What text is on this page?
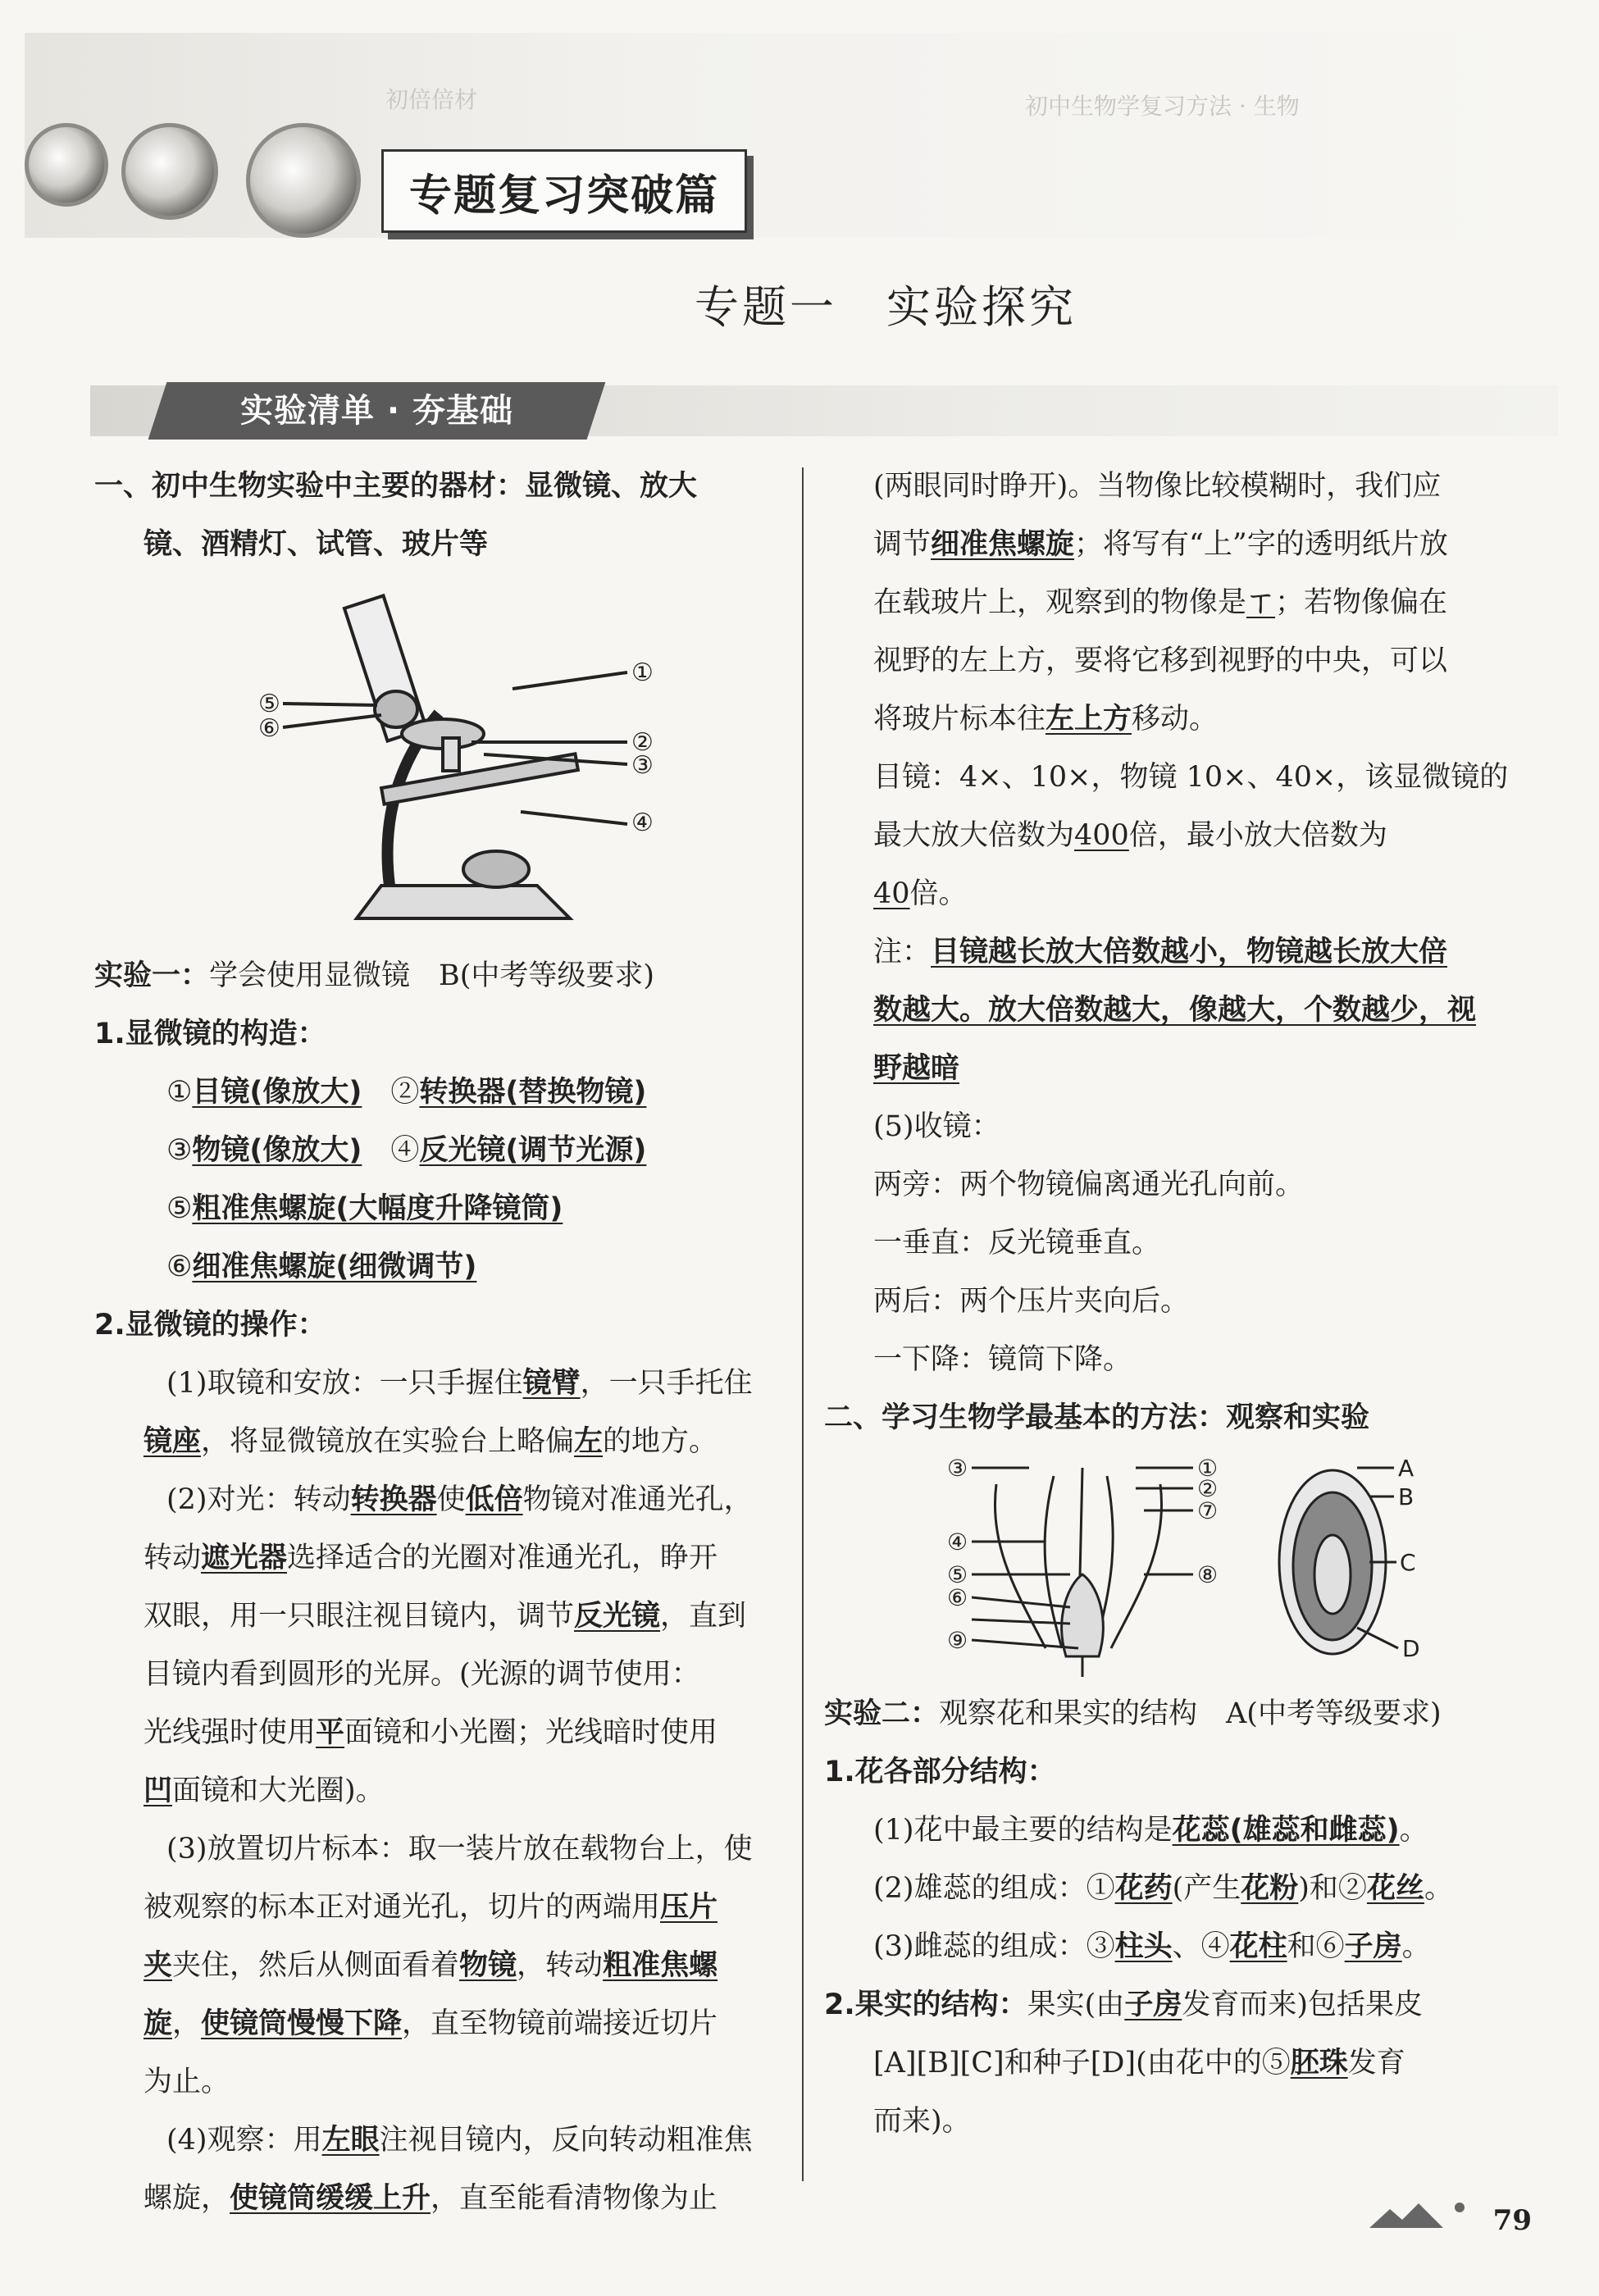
初倍倍材	初中生物学复习方法 · 生物
专题复习突破篇
专题一 实验探究
实验清单 · 夯基础

一、初中生物实验中主要的器材：显微镜、放大

镜、酒精灯、试管、玻片等

①
②
③
④
⑤
⑥

实验一：学会使用显微镜　B(中考等级要求)

1.显微镜的构造：

①目镜(像放大)　 ②转换器(替换物镜)

③物镜(像放大)　 ④反光镜(调节光源)

⑤粗准焦螺旋(大幅度升降镜筒)

⑥细准焦螺旋(细微调节)

2.显微镜的操作：

(1)取镜和安放：一只手握住镜臂，一只手托住

镜座，将显微镜放在实验台上略偏左的地方。

(2)对光：转动转换器使低倍物镜对准通光孔，

转动遮光器选择适合的光圈对准通光孔，睁开

双眼，用一只眼注视目镜内，调节反光镜，直到

目镜内看到圆形的光屏。(光源的调节使用：

光线强时使用平面镜和小光圈；光线暗时使用

凹面镜和大光圈)。

(3)放置切片标本：取一装片放在载物台上，使

被观察的标本正对通光孔，切片的两端用压片

夹夹住，然后从侧面看着物镜，转动粗准焦螺

旋，使镜筒慢慢下降，直至物镜前端接近切片

为止。

(4)观察：用左眼注视目镜内，反向转动粗准焦

螺旋，使镜筒缓缓上升，直至能看清物像为止

(两眼同时睁开)。当物像比较模糊时，我们应

调节细准焦螺旋；将写有“上”字的透明纸片放

在载玻片上，观察到的物像是ㄒ；若物像偏在

视野的左上方，要将它移到视野的中央，可以

将玻片标本往左上方移动。

目镜：4×、10×，物镜 10×、40×，该显微镜的

最大放大倍数为400倍，最小放大倍数为

40倍。

注：目镜越长放大倍数越小，物镜越长放大倍

数越大。放大倍数越大，像越大，个数越少，视

野越暗

(5)收镜：

两旁：两个物镜偏离通光孔向前。

一垂直：反光镜垂直。

两后：两个压片夹向后。

一下降：镜筒下降。

二、学习生物学最基本的方法：观察和实验

①
②
③
④
⑤
⑥
⑦
⑧
⑨
A
B
C
D

实验二：观察花和果实的结构　A(中考等级要求)

1.花各部分结构：

(1)花中最主要的结构是花蕊(雄蕊和雌蕊)。

(2)雄蕊的组成：①花药(产生花粉)和②花丝。

(3)雌蕊的组成：③柱头、④花柱和⑥子房。

2.果实的结构：果实(由子房发育而来)包括果皮

[A][B][C]和种子[D](由花中的⑤胚珠发育

而来)。

79
